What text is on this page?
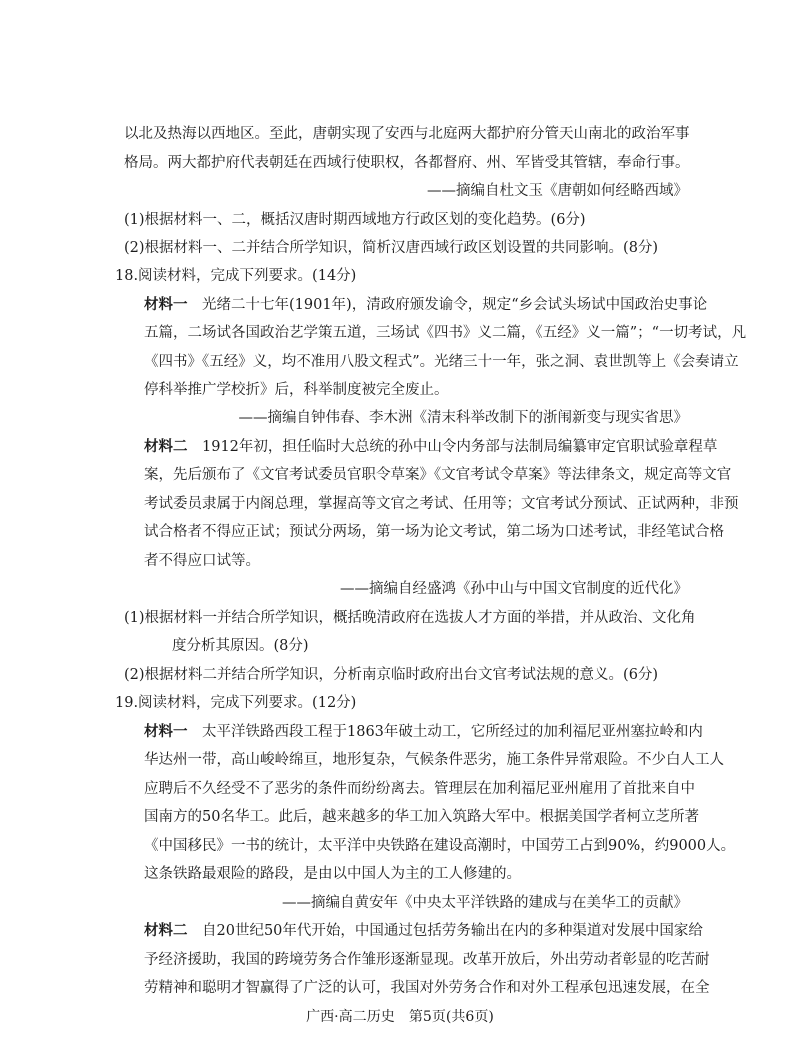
以北及热海以西地区。至此，唐朝实现了安西与北庭两大都护府分管天山南北的政治军事
格局。两大都护府代表朝廷在西域行使职权，各都督府、州、军皆受其管辖，奉命行事。
——摘编自杜文玉《唐朝如何经略西域》
(1)根据材料一、二，概括汉唐时期西域地方行政区划的变化趋势。(6分)
(2)根据材料一、二并结合所学知识，简析汉唐西域行政区划设置的共同影响。(8分)
18.阅读材料，完成下列要求。(14分)
材料一 光绪二十七年(1901年)，清政府颁发谕令，规定“乡会试头场试中国政治史事论
五篇，二场试各国政治艺学策五道，三场试《四书》义二篇，《五经》义一篇”；“一切考试，凡
《四书》《五经》义，均不准用八股文程式”。光绪三十一年，张之洞、袁世凯等上《会奏请立
停科举推广学校折》后，科举制度被完全废止。
——摘编自钟伟春、李木洲《清末科举改制下的浙闱新变与现实省思》
材料二 1912年初，担任临时大总统的孙中山令内务部与法制局编纂审定官职试验章程草
案，先后颁布了《文官考试委员官职令草案》《文官考试令草案》等法律条文，规定高等文官
考试委员隶属于内阁总理，掌握高等文官之考试、任用等；文官考试分预试、正试两种，非预
试合格者不得应正试；预试分两场，第一场为论文考试，第二场为口述考试，非经笔试合格
者不得应口试等。
——摘编自经盛鸿《孙中山与中国文官制度的近代化》
(1)根据材料一并结合所学知识，概括晚清政府在选拔人才方面的举措，并从政治、文化角
度分析其原因。(8分)
(2)根据材料二并结合所学知识，分析南京临时政府出台文官考试法规的意义。(6分)
19.阅读材料，完成下列要求。(12分)
材料一 太平洋铁路西段工程于1863年破土动工，它所经过的加利福尼亚州塞拉岭和内
华达州一带，高山峻岭绵亘，地形复杂，气候条件恶劣，施工条件异常艰险。不少白人工人
应聘后不久经受不了恶劣的条件而纷纷离去。管理层在加利福尼亚州雇用了首批来自中
国南方的50名华工。此后，越来越多的华工加入筑路大军中。根据美国学者柯立芝所著
《中国移民》一书的统计，太平洋中央铁路在建设高潮时，中国劳工占到90%，约9000人。
这条铁路最艰险的路段，是由以中国人为主的工人修建的。
——摘编自黄安年《中央太平洋铁路的建成与在美华工的贡献》
材料二 自20世纪50年代开始，中国通过包括劳务输出在内的多种渠道对发展中国家给
予经济援助，我国的跨境劳务合作雏形逐渐显现。改革开放后，外出劳动者彰显的吃苦耐
劳精神和聪明才智赢得了广泛的认可，我国对外劳务合作和对外工程承包迅速发展，在全
广西·高二历史　第5页(共6页)
